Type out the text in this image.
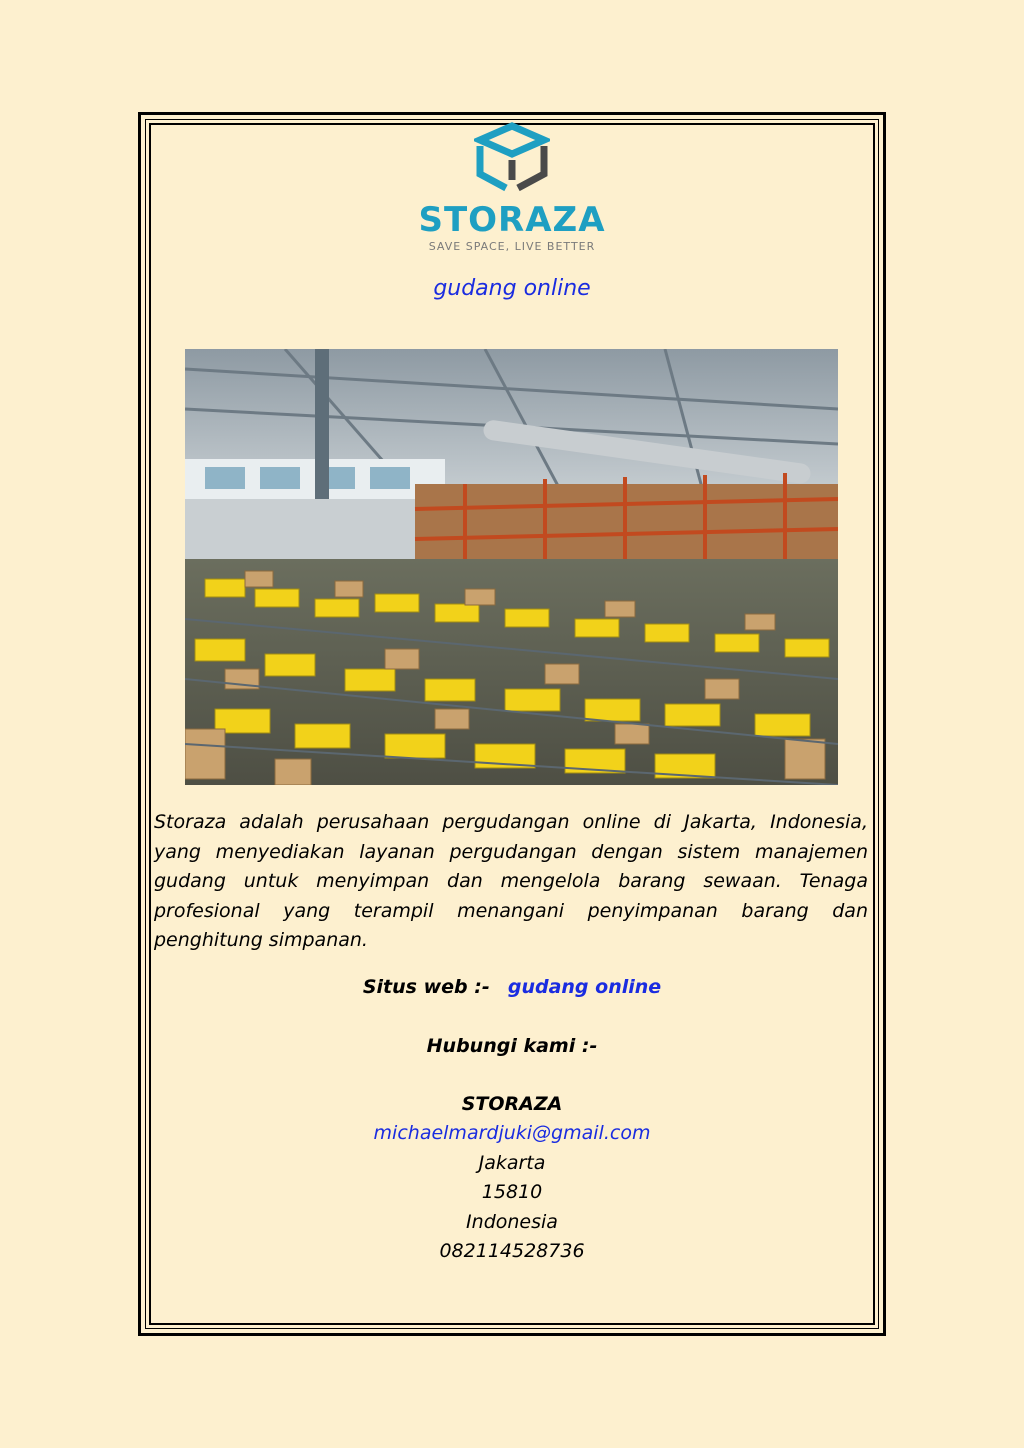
STORAZA
SAVE SPACE, LIVE BETTER
gudang online

Storaza adalah perusahaan pergudangan online di Jakarta, Indonesia, yang menyediakan layanan pergudangan dengan sistem manajemen gudang untuk menyimpan dan mengelola barang sewaan. Tenaga profesional yang terampil menangani penyimpanan barang dan penghitung simpanan.

Situs web :- gudang online
Hubungi kami :-
STORAZA
michaelmardjuki@gmail.com
Jakarta
15810
Indonesia
082114528736
